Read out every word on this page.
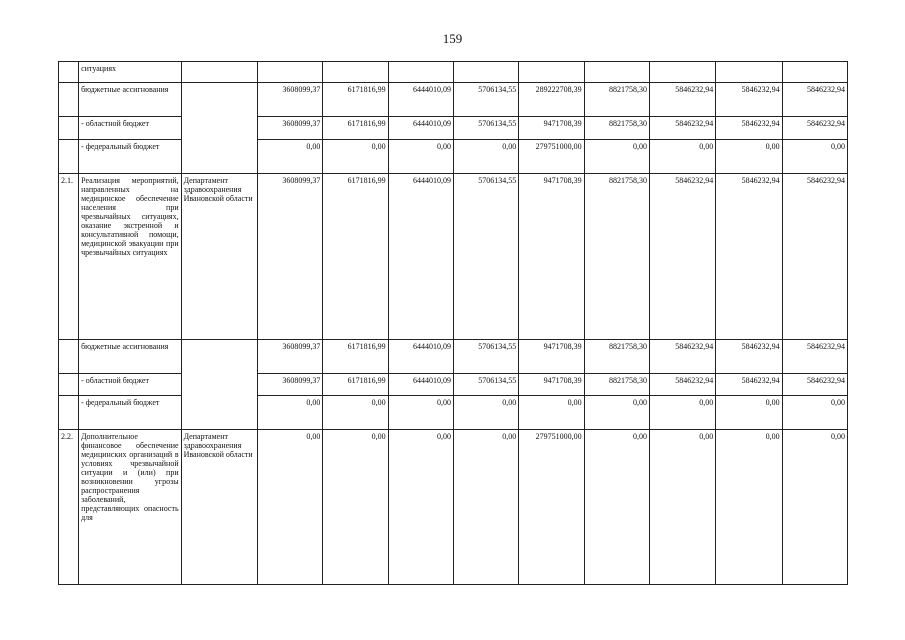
159
	ситуациях										
	бюджетные ассигнования		3608099,37	6171816,99	6444010,09	5706134,55	289222708,39	8821758,30	5846232,94	5846232,94	5846232,94
	- областной бюджет		3608099,37	6171816,99	6444010,09	5706134,55	9471708,39	8821758,30	5846232,94	5846232,94	5846232,94
	- федеральный бюджет		0,00	0,00	0,00	0,00	279751000,00	0,00	0,00	0,00	0,00
2.1.	Реализация мероприятий, направленных на медицинское обеспечение населения при чрезвычайных ситуациях, оказание экстренной и консультативной помощи, медицинской эвакуации при чрезвычайных ситуациях	Департамент здравоохранения Ивановской области	3608099,37	6171816,99	6444010,09	5706134,55	9471708,39	8821758,30	5846232,94	5846232,94	5846232,94
	бюджетные ассигнования		3608099,37	6171816,99	6444010,09	5706134,55	9471708,39	8821758,30	5846232,94	5846232,94	5846232,94
	- областной бюджет		3608099,37	6171816,99	6444010,09	5706134,55	9471708,39	8821758,30	5846232,94	5846232,94	5846232,94
	- федеральный бюджет		0,00	0,00	0,00	0,00	0,00	0,00	0,00	0,00	0,00
2.2.	Дополнительное финансовое обеспечение медицинских организаций в условиях чрезвычайной ситуации и (или) при возникновении угрозы распространения заболеваний, представляющих опасность для	Департамент здравоохранения Ивановской области	0,00	0,00	0,00	0,00	279751000,00	0,00	0,00	0,00	0,00
